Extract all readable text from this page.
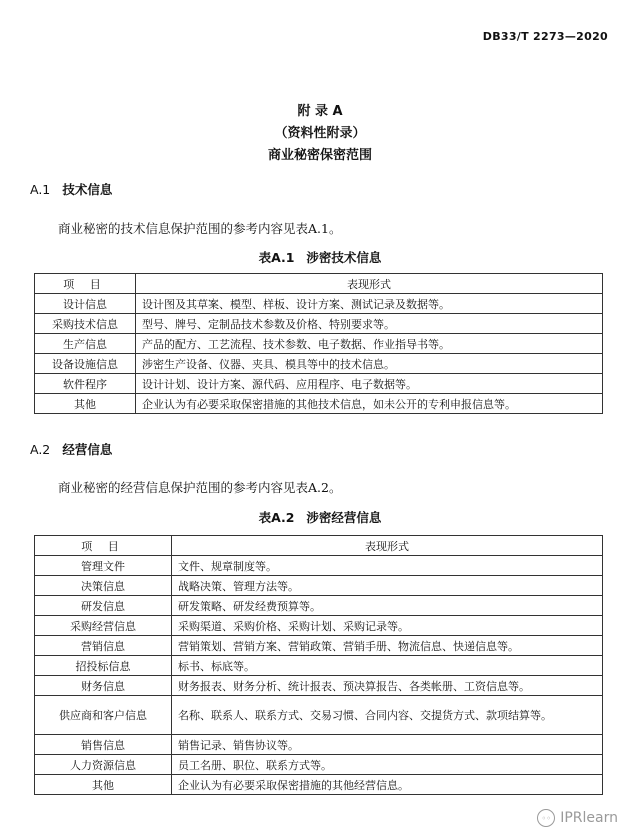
DB33/T 2273—2020
附 录 A
（资料性附录）
商业秘密保密范围
A.1 技术信息
商业秘密的技术信息保护范围的参考内容见表A.1。
表A.1 涉密技术信息
项 目	表现形式
设计信息	设计图及其草案、模型、样板、设计方案、测试记录及数据等。
采购技术信息	型号、牌号、定制品技术参数及价格、特别要求等。
生产信息	产品的配方、工艺流程、技术参数、电子数据、作业指导书等。
设备设施信息	涉密生产设备、仪器、夹具、模具等中的技术信息。
软件程序	设计计划、设计方案、源代码、应用程序、电子数据等。
其他	企业认为有必要采取保密措施的其他技术信息，如未公开的专利申报信息等。
A.2 经营信息
商业秘密的经营信息保护范围的参考内容见表A.2。
表A.2 涉密经营信息
项 目	表现形式
管理文件	文件、规章制度等。
决策信息	战略决策、管理方法等。
研发信息	研发策略、研发经费预算等。
采购经营信息	采购渠道、采购价格、采购计划、采购记录等。
营销信息	营销策划、营销方案、营销政策、营销手册、物流信息、快递信息等。
招投标信息	标书、标底等。
财务信息	财务报表、财务分析、统计报表、预决算报告、各类帐册、工资信息等。
供应商和客户信息	名称、联系人、联系方式、交易习惯、合同内容、交提货方式、款项结算等。
销售信息	销售记录、销售协议等。
人力资源信息	员工名册、职位、联系方式等。
其他	企业认为有必要采取保密措施的其他经营信息。
◦◦ IPRlearn
